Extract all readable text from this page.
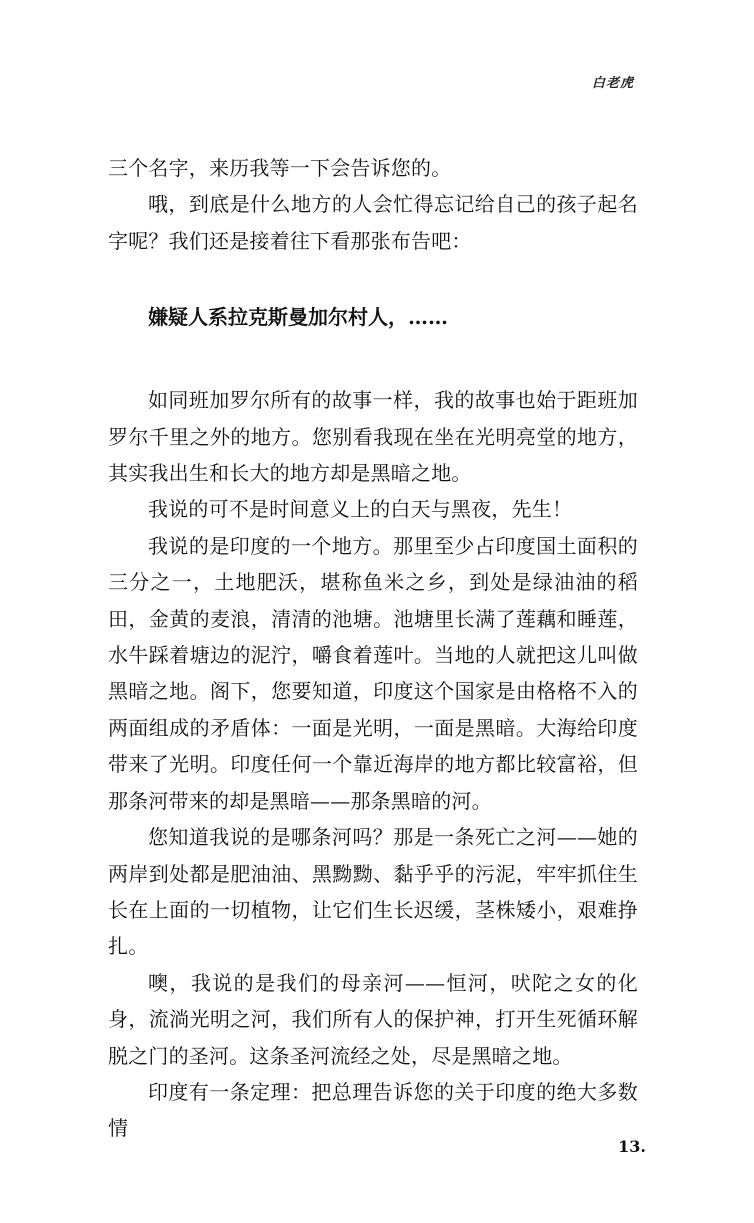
白老虎

三个名字，来历我等一下会告诉您的。

哦，到底是什么地方的人会忙得忘记给自己的孩子起名字呢？我们还是接着往下看那张布告吧：

嫌疑人系拉克斯曼加尔村人，……

如同班加罗尔所有的故事一样，我的故事也始于距班加罗尔千里之外的地方。您别看我现在坐在光明亮堂的地方，其实我出生和长大的地方却是黑暗之地。

我说的可不是时间意义上的白天与黑夜，先生！

我说的是印度的一个地方。那里至少占印度国土面积的三分之一，土地肥沃，堪称鱼米之乡，到处是绿油油的稻田，金黄的麦浪，清清的池塘。池塘里长满了莲藕和睡莲，水牛踩着塘边的泥泞，嚼食着莲叶。当地的人就把这儿叫做黑暗之地。阁下，您要知道，印度这个国家是由格格不入的两面组成的矛盾体：一面是光明，一面是黑暗。大海给印度带来了光明。印度任何一个靠近海岸的地方都比较富裕，但那条河带来的却是黑暗——那条黑暗的河。

您知道我说的是哪条河吗？那是一条死亡之河——她的两岸到处都是肥油油、黑黝黝、黏乎乎的污泥，牢牢抓住生长在上面的一切植物，让它们生长迟缓，茎株矮小，艰难挣扎。

噢，我说的是我们的母亲河——恒河，吠陀之女的化身，流淌光明之河，我们所有人的保护神，打开生死循环解脱之门的圣河。这条圣河流经之处，尽是黑暗之地。

印度有一条定理：把总理告诉您的关于印度的绝大多数情

13.
